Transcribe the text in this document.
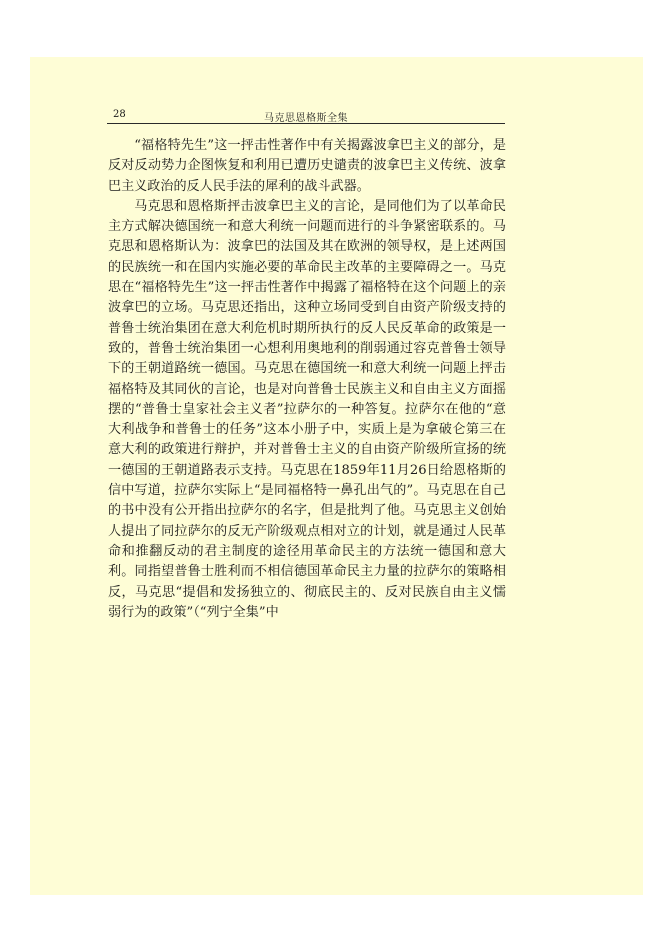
28	马克思恩格斯全集

“福格特先生”这一抨击性著作中有关揭露波拿巴主义的部分，是反对反动势力企图恢复和利用已遭历史谴责的波拿巴主义传统、波拿巴主义政治的反人民手法的犀利的战斗武器。

马克思和恩格斯抨击波拿巴主义的言论，是同他们为了以革命民主方式解决德国统一和意大利统一问题而进行的斗争紧密联系的。马克思和恩格斯认为：波拿巴的法国及其在欧洲的领导权，是上述两国的民族统一和在国内实施必要的革命民主改革的主要障碍之一。马克思在“福格特先生”这一抨击性著作中揭露了福格特在这个问题上的亲波拿巴的立场。马克思还指出，这种立场同受到自由资产阶级支持的普鲁士统治集团在意大利危机时期所执行的反人民反革命的政策是一致的，普鲁士统治集团一心想利用奥地利的削弱通过容克普鲁士领导下的王朝道路统一德国。马克思在德国统一和意大利统一问题上抨击福格特及其同伙的言论，也是对向普鲁士民族主义和自由主义方面摇摆的“普鲁士皇家社会主义者”拉萨尔的一种答复。拉萨尔在他的“意大利战争和普鲁士的任务”这本小册子中，实质上是为拿破仑第三在意大利的政策进行辩护，并对普鲁士主义的自由资产阶级所宣扬的统一德国的王朝道路表示支持。马克思在1859年11月26日给恩格斯的信中写道，拉萨尔实际上“是同福格特一鼻孔出气的”。马克思在自己的书中没有公开指出拉萨尔的名字，但是批判了他。马克思主义创始人提出了同拉萨尔的反无产阶级观点相对立的计划，就是通过人民革命和推翻反动的君主制度的途径用革命民主的方法统一德国和意大利。同指望普鲁士胜利而不相信德国革命民主力量的拉萨尔的策略相反，马克思“提倡和发扬独立的、彻底民主的、反对民族自由主义懦弱行为的政策”（“列宁全集”中
